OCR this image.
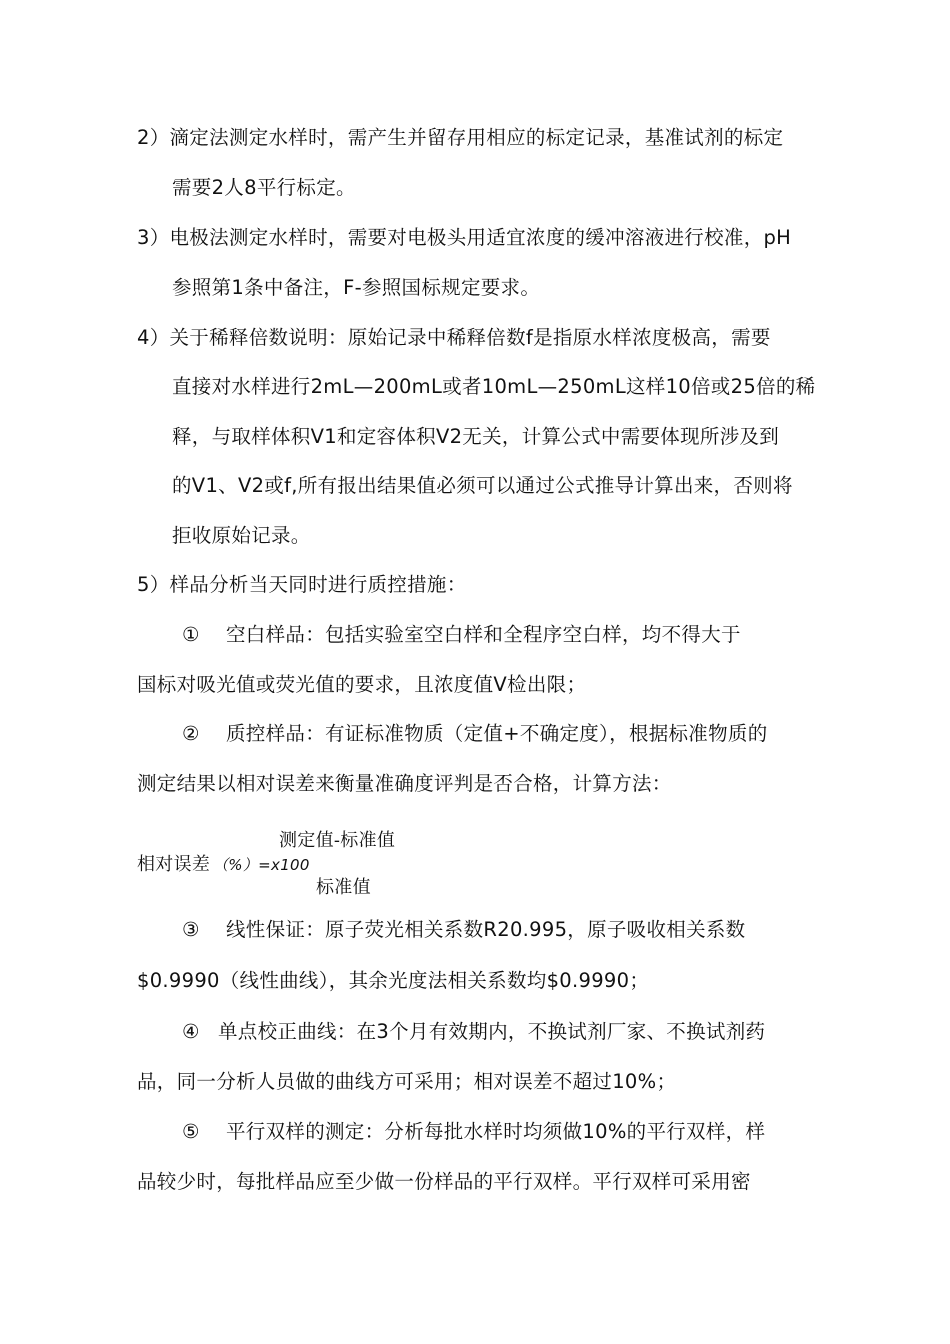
2）滴定法测定水样时，需产生并留存用相应的标定记录，基准试剂的标定
需要2人8平行标定。
3）电极法测定水样时，需要对电极头用适宜浓度的缓冲溶液进行校准，pH
参照第1条中备注，F-参照国标规定要求。
4）关于稀释倍数说明：原始记录中稀释倍数f是指原水样浓度极高，需要
直接对水样进行2mL—200mL或者10mL—250mL这样10倍或25倍的稀
释，与取样体积V1和定容体积V2无关，计算公式中需要体现所涉及到
的V1、V2或f,所有报出结果值必须可以通过公式推导计算出来，否则将
拒收原始记录。
5）样品分析当天同时进行质控措施：
① 空白样品：包括实验室空白样和全程序空白样，均不得大于
国标对吸光值或荧光值的要求，且浓度值V检出限；
② 质控样品：有证标准物质（定值+不确定度），根据标准物质的
测定结果以相对误差来衡量准确度评判是否合格，计算方法：
测定值-标准值
相对误差 （%）=x100
标准值
③ 线性保证：原子荧光相关系数R20.995，原子吸收相关系数
$0.9990（线性曲线），其余光度法相关系数均$0.9990；
④ 单点校正曲线：在3个月有效期内，不换试剂厂家、不换试剂药
品，同一分析人员做的曲线方可采用；相对误差不超过10%；
⑤ 平行双样的测定：分析每批水样时均须做10%的平行双样，样
品较少时，每批样品应至少做一份样品的平行双样。平行双样可采用密
